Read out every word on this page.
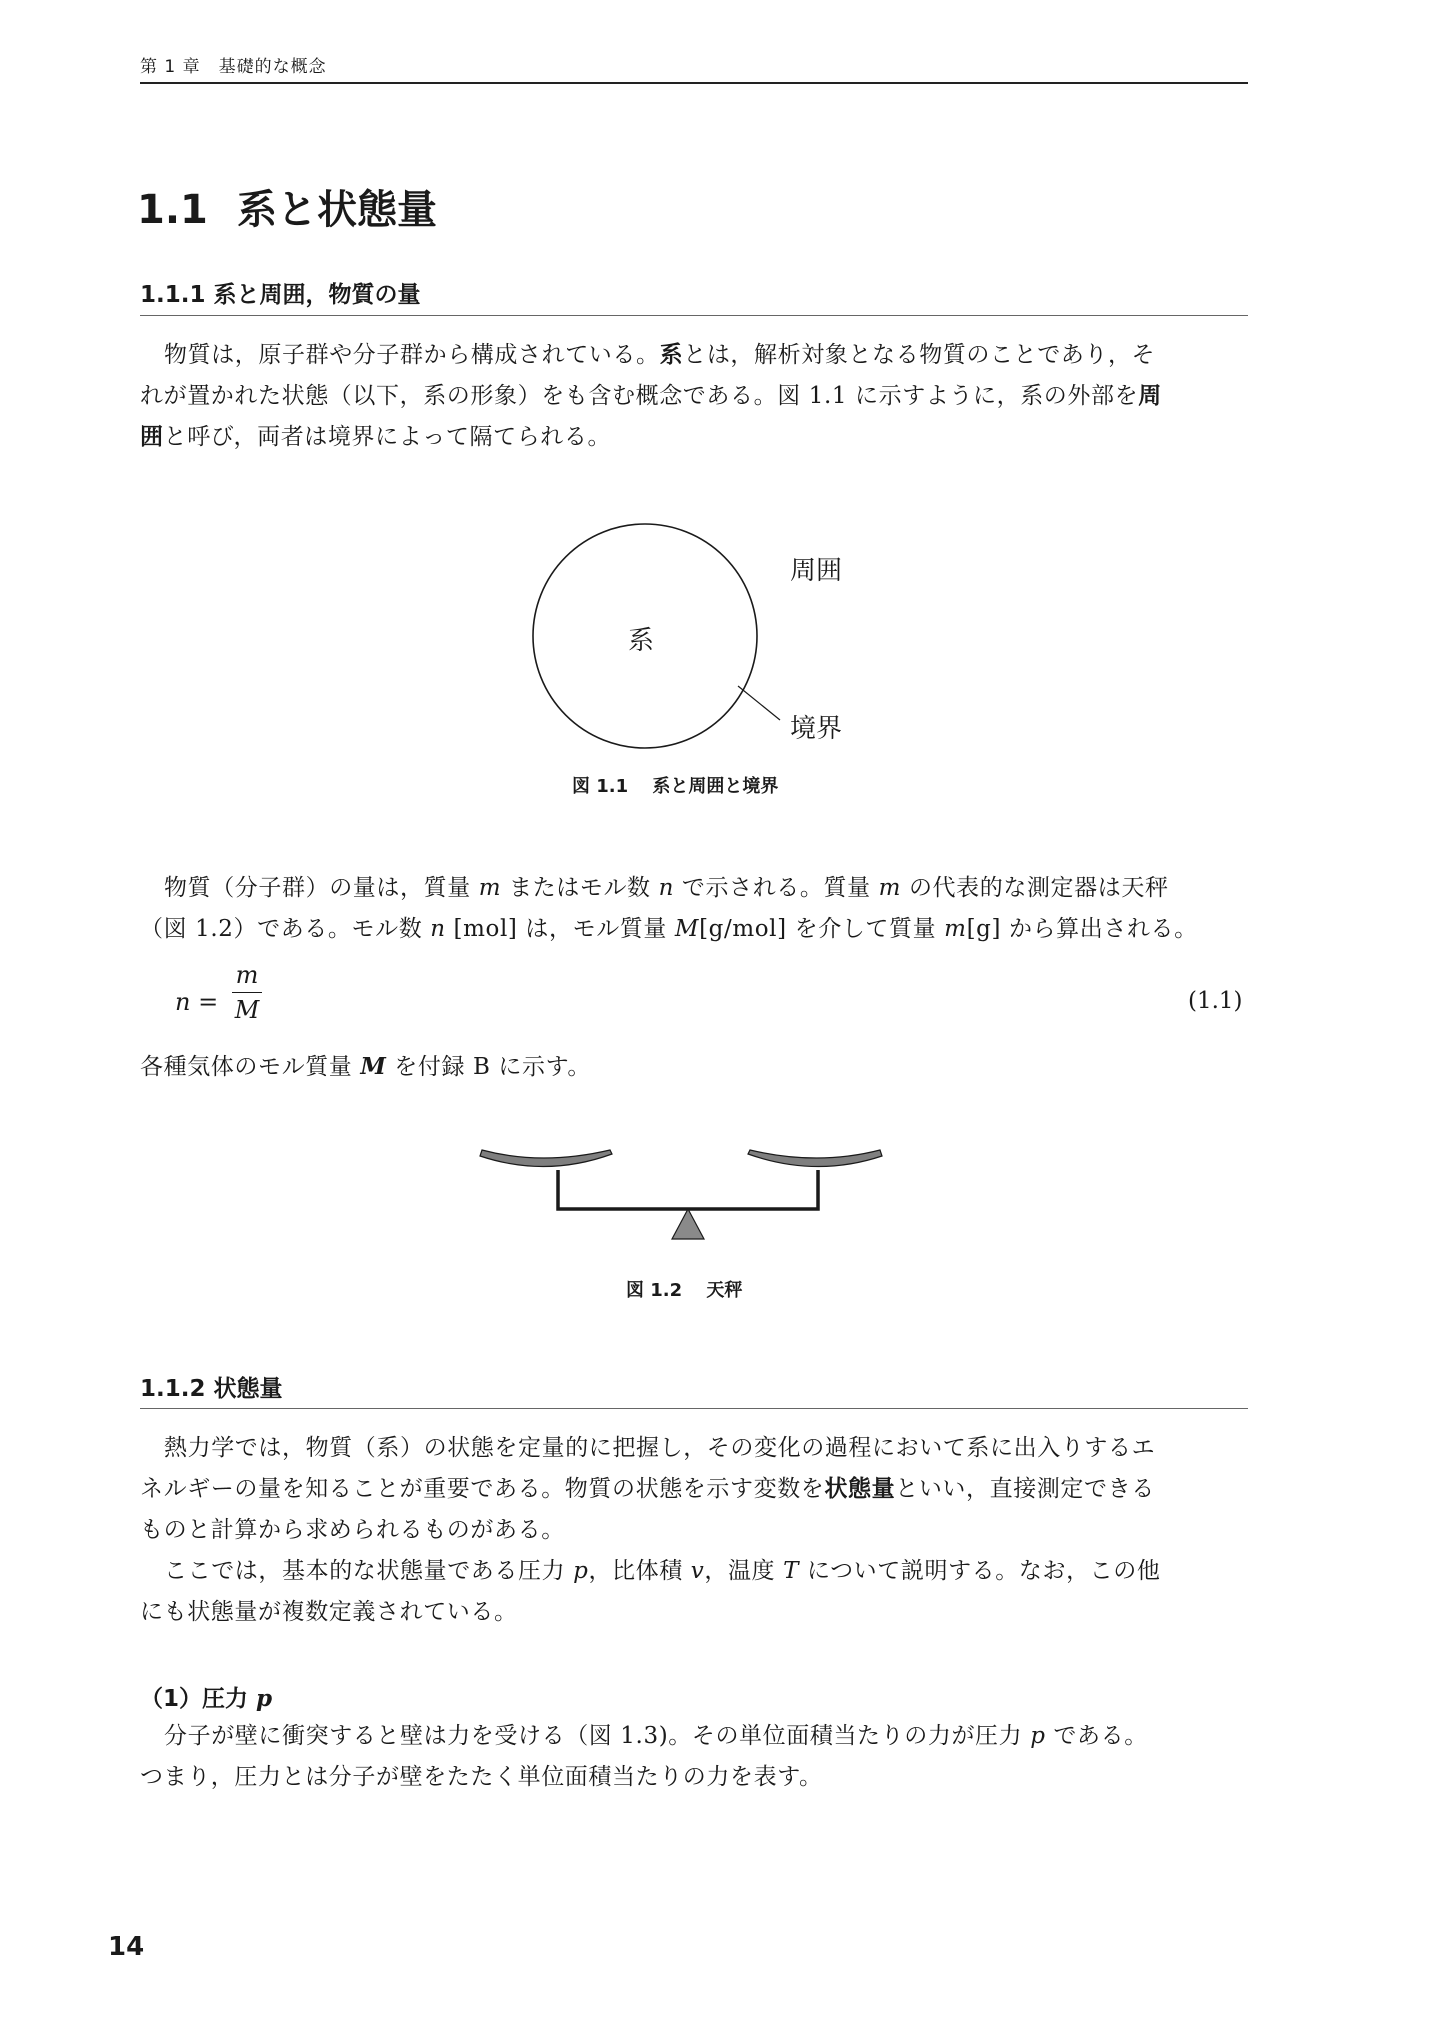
第 1 章　基礎的な概念
1.1 系と状態量
1.1.1 系と周囲，物質の量
物質は，原子群や分子群から構成されている。系とは，解析対象となる物質のことであり，そ
れが置かれた状態（以下，系の形象）をも含む概念である。図 1.1 に示すように，系の外部を周
囲と呼び，両者は境界によって隔てられる。
系
周囲
境界
図 1.1　 系と周囲と境界
物質（分子群）の量は，質量 m またはモル数 n で示される。質量 m の代表的な測定器は天秤
（図 1.2）である。モル数 n [mol] は，モル質量 M[g/mol] を介して質量 m[g] から算出される。
n =
m
M	(1.1)
各種気体のモル質量 M を付録 B に示す。
図 1.2　 天秤
1.1.2 状態量
熱力学では，物質（系）の状態を定量的に把握し，その変化の過程において系に出入りするエ
ネルギーの量を知ることが重要である。物質の状態を示す変数を状態量といい，直接測定できる
ものと計算から求められるものがある。
ここでは，基本的な状態量である圧力 p，比体積 v，温度 T について説明する。なお，この他
にも状態量が複数定義されている。
（1）圧力 p
分子が壁に衝突すると壁は力を受ける（図 1.3)。その単位面積当たりの力が圧力 p である。
つまり，圧力とは分子が壁をたたく単位面積当たりの力を表す。
14
